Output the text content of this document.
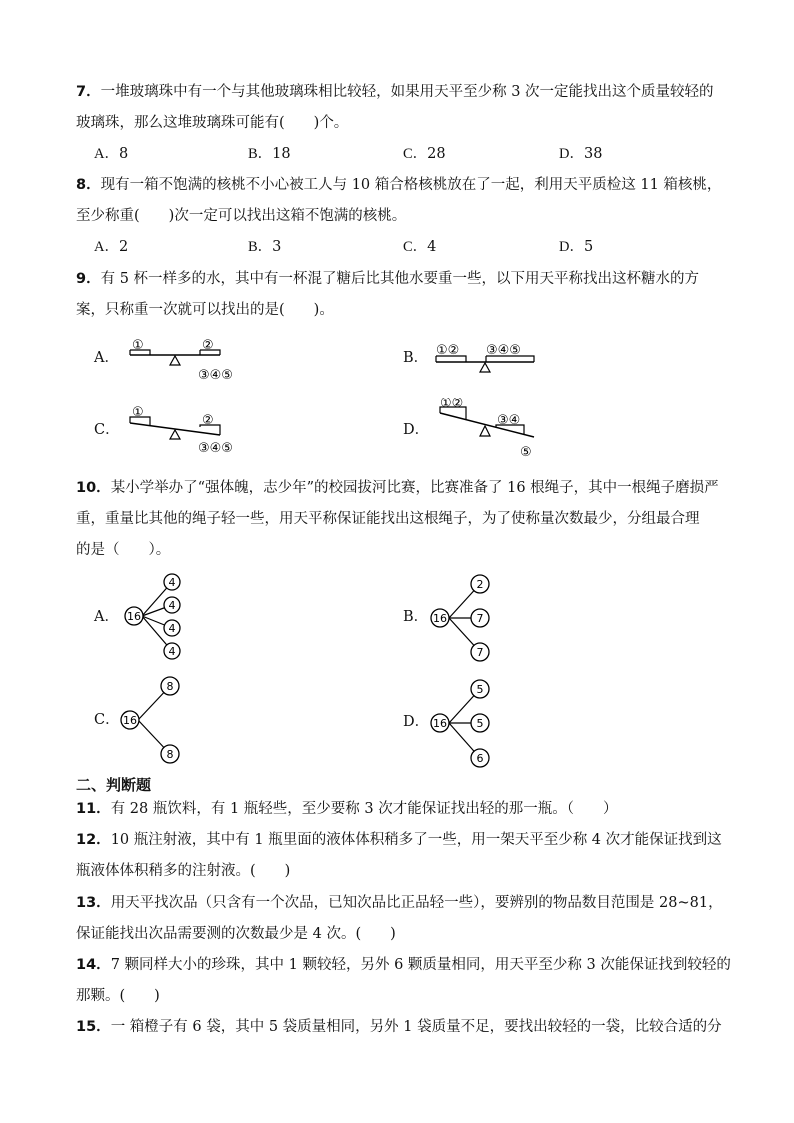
7．一堆玻璃珠中有一个与其他玻璃珠相比较轻，如果用天平至少称 3 次一定能找出这个质量较轻的
玻璃珠，那么这堆玻璃珠可能有(　　)个。
A．8	B．18	C．28	D．38
8．现有一箱不饱满的核桃不小心被工人与 10 箱合格核桃放在了一起，利用天平质检这 11 箱核桃，
至少称重(　　)次一定可以找出这箱不饱满的核桃。
A．2	B．3	C．4	D．5
9．有 5 杯一样多的水，其中有一杯混了糖后比其他水要重一些，以下用天平称找出这杯糖水的方
案，只称重一次就可以找出的是(　　)。
A．	B．
C．	D．
①	②
③④⑤
①② ③④⑤
①
②
③④⑤
①②
③④
⑤
10．某小学举办了“强体魄，志少年”的校园拔河比赛，比赛准备了 16 根绳子，其中一根绳子磨损严
重，重量比其他的绳子轻一些，用天平称保证能找出这根绳子，为了使称量次数最少，分组最合理
的是（　　）。
A．	B．
C．	D．
16
4
4
4
4
16
2
7
7
16
8
8
16
5
5
6
二、判断题
11．有 28 瓶饮料，有 1 瓶轻些，至少要称 3 次才能保证找出轻的那一瓶。（　　）
12．10 瓶注射液，其中有 1 瓶里面的液体体积稍多了一些，用一架天平至少称 4 次才能保证找到这
瓶液体体积稍多的注射液。(　　)
13．用天平找次品（只含有一个次品，已知次品比正品轻一些），要辨别的物品数目范围是 28~81，
保证能找出次品需要测的次数最少是 4 次。(　　)
14．7 颗同样大小的珍珠，其中 1 颗较轻，另外 6 颗质量相同，用天平至少称 3 次能保证找到较轻的
那颗。(　　)
15．一 箱橙子有 6 袋，其中 5 袋质量相同，另外 1 袋质量不足，要找出较轻的一袋，比较合适的分
